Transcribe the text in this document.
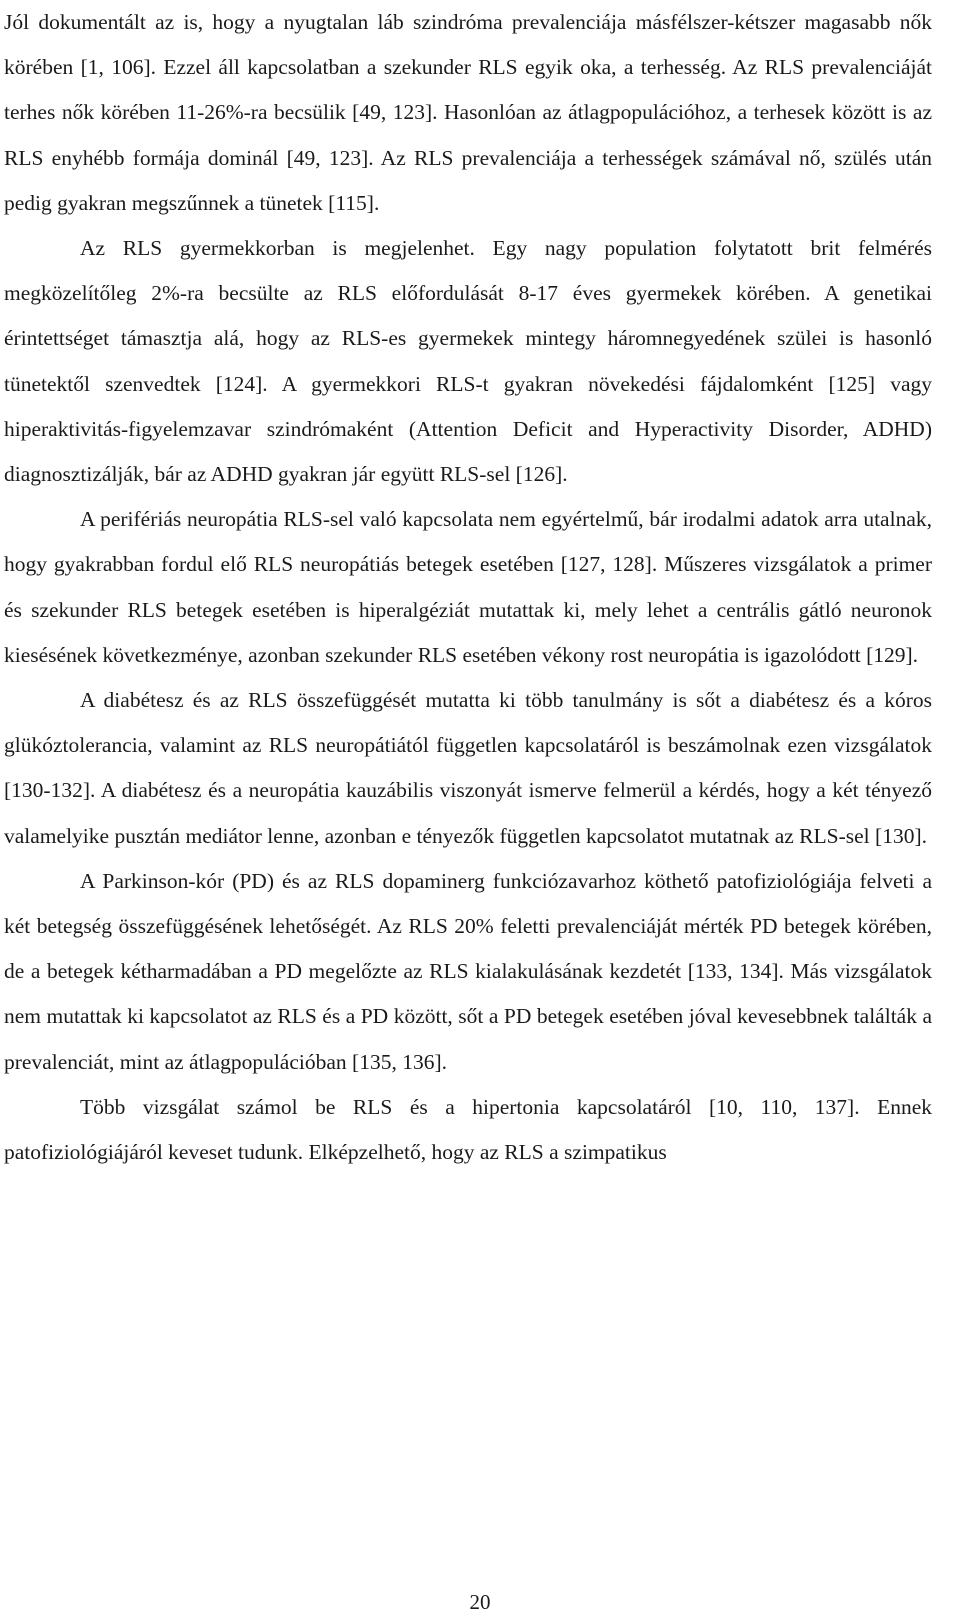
Jól dokumentált az is, hogy a nyugtalan láb szindróma prevalenciája másfélszer-kétszer magasabb nők körében [1, 106]. Ezzel áll kapcsolatban a szekunder RLS egyik oka, a terhesség. Az RLS prevalenciáját terhes nők körében 11-26%-ra becsülik [49, 123]. Hasonlóan az átlagpopulációhoz, a terhesek között is az RLS enyhébb formája dominál [49, 123]. Az RLS prevalenciája a terhességek számával nő, szülés után pedig gyakran megszűnnek a tünetek [115].

Az RLS gyermekkorban is megjelenhet. Egy nagy population folytatott brit felmérés megközelítőleg 2%-ra becsülte az RLS előfordulását 8-17 éves gyermekek körében. A genetikai érintettséget támasztja alá, hogy az RLS-es gyermekek mintegy háromnegyedének szülei is hasonló tünetektől szenvedtek [124]. A gyermekkori RLS-t gyakran növekedési fájdalomként [125] vagy hiperaktivitás-figyelemzavar szindrómaként (Attention Deficit and Hyperactivity Disorder, ADHD) diagnosztizálják, bár az ADHD gyakran jár együtt RLS-sel [126].

A perifériás neuropátia RLS-sel való kapcsolata nem egyértelmű, bár irodalmi adatok arra utalnak, hogy gyakrabban fordul elő RLS neuropátiás betegek esetében [127, 128]. Műszeres vizsgálatok a primer és szekunder RLS betegek esetében is hiperalgéziát mutattak ki, mely lehet a centrális gátló neuronok kiesésének következménye, azonban szekunder RLS esetében vékony rost neuropátia is igazolódott [129].

A diabétesz és az RLS összefüggését mutatta ki több tanulmány is sőt a diabétesz és a kóros glükóztolerancia, valamint az RLS neuropátiától független kapcsolatáról is beszámolnak ezen vizsgálatok [130-132]. A diabétesz és a neuropátia kauzábilis viszonyát ismerve felmerül a kérdés, hogy a két tényező valamelyike pusztán mediátor lenne, azonban e tényezők független kapcsolatot mutatnak az RLS-sel [130].

A Parkinson-kór (PD) és az RLS dopaminerg funkciózavarhoz köthető patofiziológiája felveti a két betegség összefüggésének lehetőségét. Az RLS 20% feletti prevalenciáját mérték PD betegek körében, de a betegek kétharmadában a PD megelőzte az RLS kialakulásának kezdetét [133, 134]. Más vizsgálatok nem mutattak ki kapcsolatot az RLS és a PD között, sőt a PD betegek esetében jóval kevesebbnek találták a prevalenciát, mint az átlagpopulációban [135, 136].

Több vizsgálat számol be RLS és a hipertonia kapcsolatáról [10, 110, 137]. Ennek patofiziológiájáról keveset tudunk. Elképzelhető, hogy az RLS a szimpatikus

20
